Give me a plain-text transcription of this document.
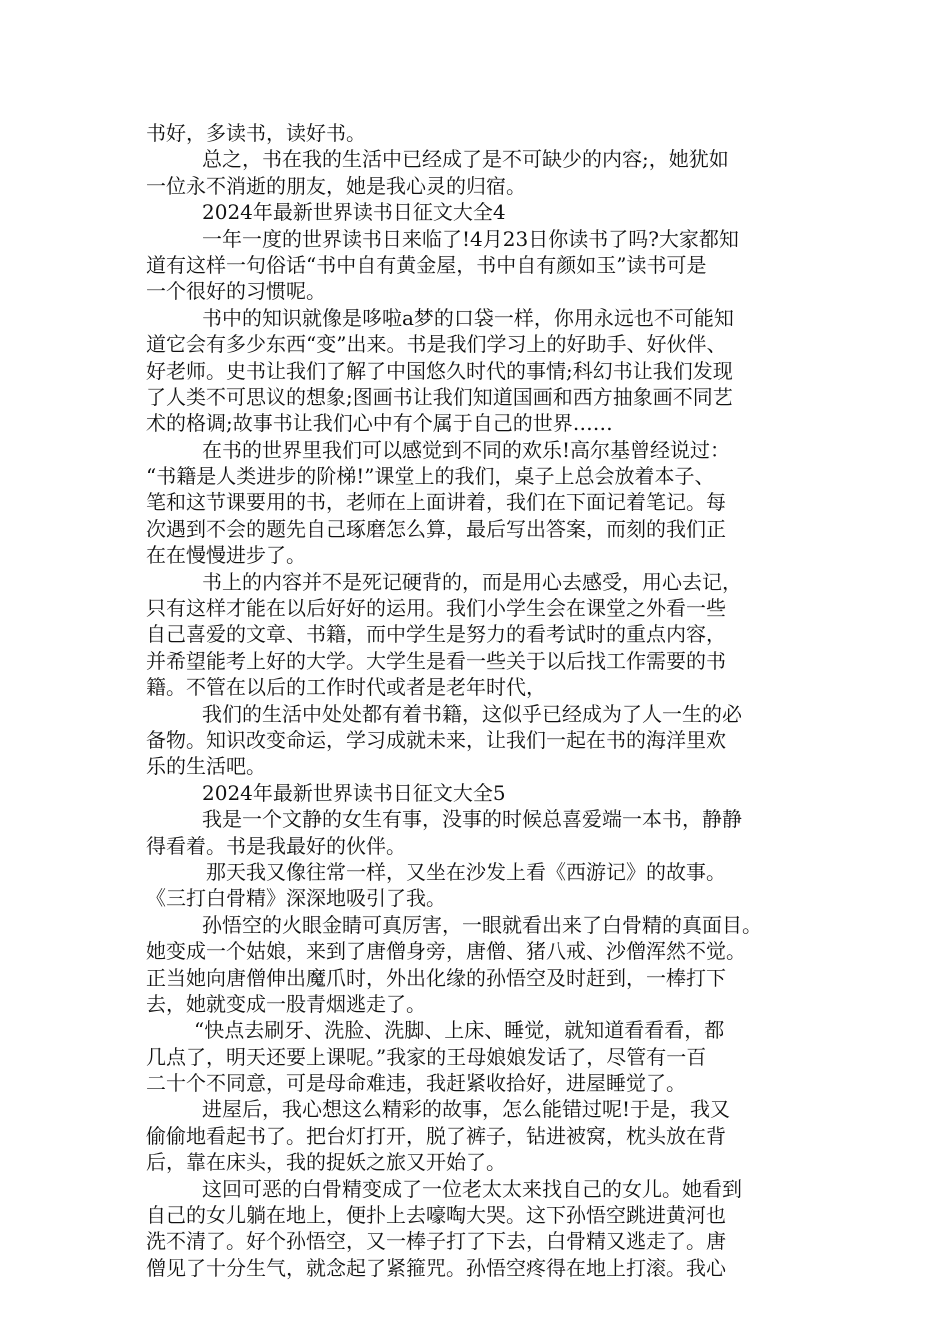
书好，多读书，读好书。
总之，书在我的生活中已经成了是不可缺少的内容;，她犹如
一位永不消逝的朋友，她是我心灵的归宿。
2024年最新世界读书日征文大全4
一年一度的世界读书日来临了!4月23日你读书了吗?大家都知
道有这样一句俗话“书中自有黄金屋，书中自有颜如玉”读书可是
一个很好的习惯呢。
书中的知识就像是哆啦a梦的口袋一样，你用永远也不可能知
道它会有多少东西“变”出来。书是我们学习上的好助手、好伙伴、
好老师。史书让我们了解了中国悠久时代的事情;科幻书让我们发现
了人类不可思议的想象;图画书让我们知道国画和西方抽象画不同艺
术的格调;故事书让我们心中有个属于自己的世界……
在书的世界里我们可以感觉到不同的欢乐!高尔基曾经说过：
“书籍是人类进步的阶梯!”课堂上的我们，桌子上总会放着本子、
笔和这节课要用的书，老师在上面讲着，我们在下面记着笔记。每
次遇到不会的题先自己琢磨怎么算，最后写出答案，而刻的我们正
在在慢慢进步了。
书上的内容并不是死记硬背的，而是用心去感受，用心去记，
只有这样才能在以后好好的运用。我们小学生会在课堂之外看一些
自己喜爱的文章、书籍，而中学生是努力的看考试时的重点内容，
并希望能考上好的大学。大学生是看一些关于以后找工作需要的书
籍。不管在以后的工作时代或者是老年时代，
我们的生活中处处都有着书籍，这似乎已经成为了人一生的必
备物。知识改变命运，学习成就未来，让我们一起在书的海洋里欢
乐的生活吧。
2024年最新世界读书日征文大全5
我是一个文静的女生有事，没事的时候总喜爱端一本书，静静
得看着。书是我最好的伙伴。
那天我又像往常一样，又坐在沙发上看《西游记》的故事。
《三打白骨精》深深地吸引了我。
孙悟空的火眼金睛可真厉害，一眼就看出来了白骨精的真面目。
她变成一个姑娘，来到了唐僧身旁，唐僧、猪八戒、沙僧浑然不觉。
正当她向唐僧伸出魔爪时，外出化缘的孙悟空及时赶到，一棒打下
去，她就变成一股青烟逃走了。
“快点去刷牙、洗脸、洗脚、上床、睡觉，就知道看看看，都
几点了，明天还要上课呢。”我家的王母娘娘发话了，尽管有一百
二十个不同意，可是母命难违，我赶紧收拾好，进屋睡觉了。
进屋后，我心想这么精彩的故事，怎么能错过呢!于是，我又
偷偷地看起书了。把台灯打开，脱了裤子，钻进被窝，枕头放在背
后，靠在床头，我的捉妖之旅又开始了。
这回可恶的白骨精变成了一位老太太来找自己的女儿。她看到
自己的女儿躺在地上，便扑上去嚎啕大哭。这下孙悟空跳进黄河也
洗不清了。好个孙悟空，又一棒子打了下去，白骨精又逃走了。唐
僧见了十分生气，就念起了紧箍咒。孙悟空疼得在地上打滚。我心
